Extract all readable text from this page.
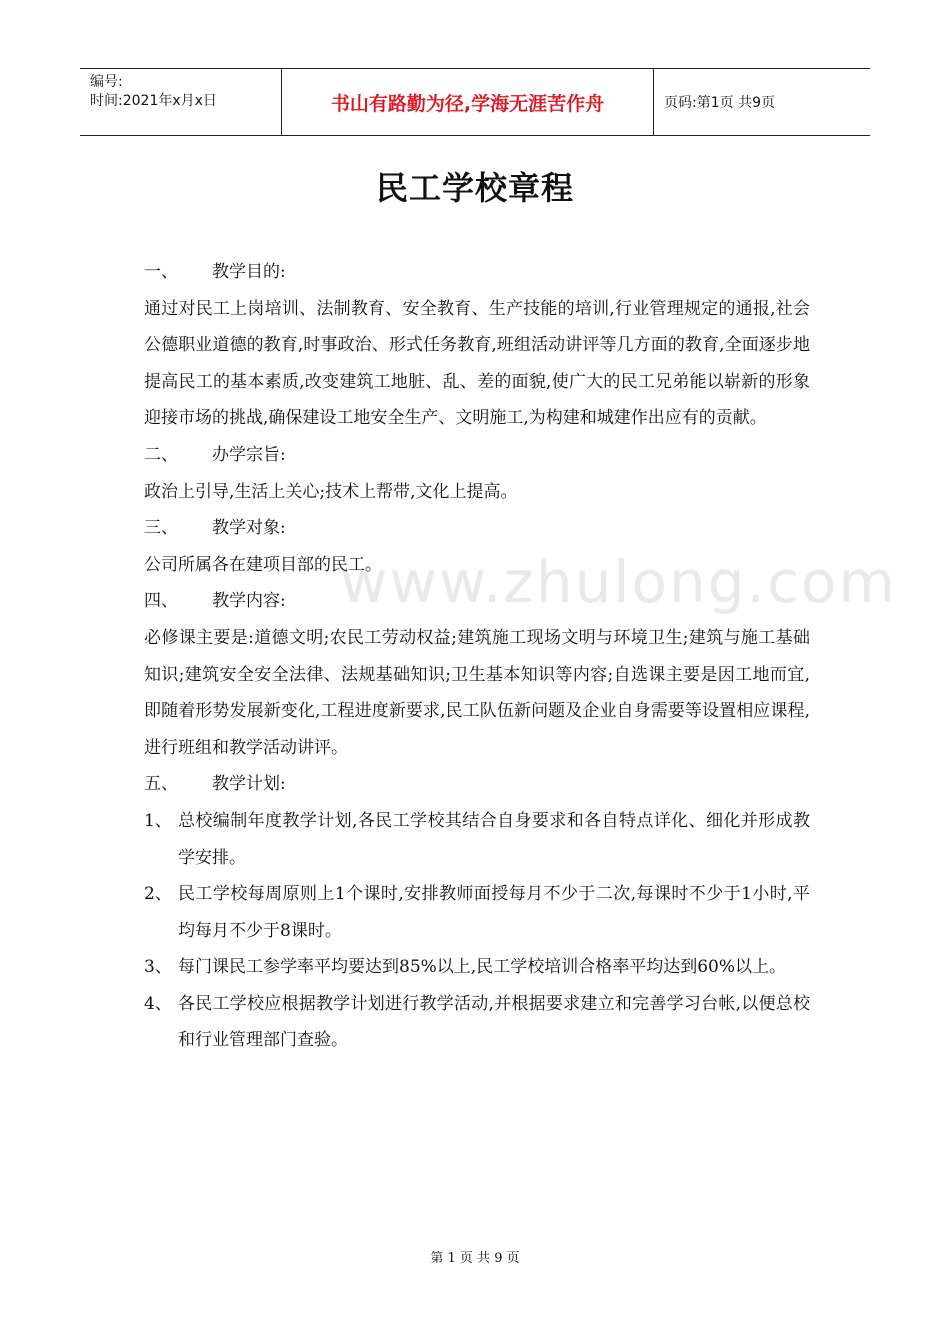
编号:
时间:2021年x月x日	书山有路勤为径,学海无涯苦作舟	页码:第1页 共9页
民工学校章程
www.zhulong.com

一、	教学目的:

通过对民工上岗培训、法制教育、安全教育、生产技能的培训,行业管理规定的通报,社会公德职业道德的教育,时事政治、形式任务教育,班组活动讲评等几方面的教育,全面逐步地提高民工的基本素质,改变建筑工地脏、乱、差的面貌,使广大的民工兄弟能以崭新的形象迎接市场的挑战,确保建设工地安全生产、文明施工,为构建和城建作出应有的贡献。

二、	办学宗旨:

政治上引导,生活上关心;技术上帮带,文化上提高。

三、	教学对象:

公司所属各在建项目部的民工。

四、	教学内容:

必修课主要是:道德文明;农民工劳动权益;建筑施工现场文明与环境卫生;建筑与施工基础知识;建筑安全安全法律、法规基础知识;卫生基本知识等内容;自选课主要是因工地而宜,即随着形势发展新变化,工程进度新要求,民工队伍新问题及企业自身需要等设置相应课程,进行班组和教学活动讲评。

五、	教学计划:

1、 总校编制年度教学计划,各民工学校其结合自身要求和各自特点详化、细化并形成教学安排。

2、 民工学校每周原则上1个课时,安排教师面授每月不少于二次,每课时不少于1小时,平均每月不少于8课时。

3、 每门课民工参学率平均要达到85%以上,民工学校培训合格率平均达到60%以上。

4、 各民工学校应根据教学计划进行教学活动,并根据要求建立和完善学习台帐,以便总校和行业管理部门查验。

第 1 页 共 9 页
